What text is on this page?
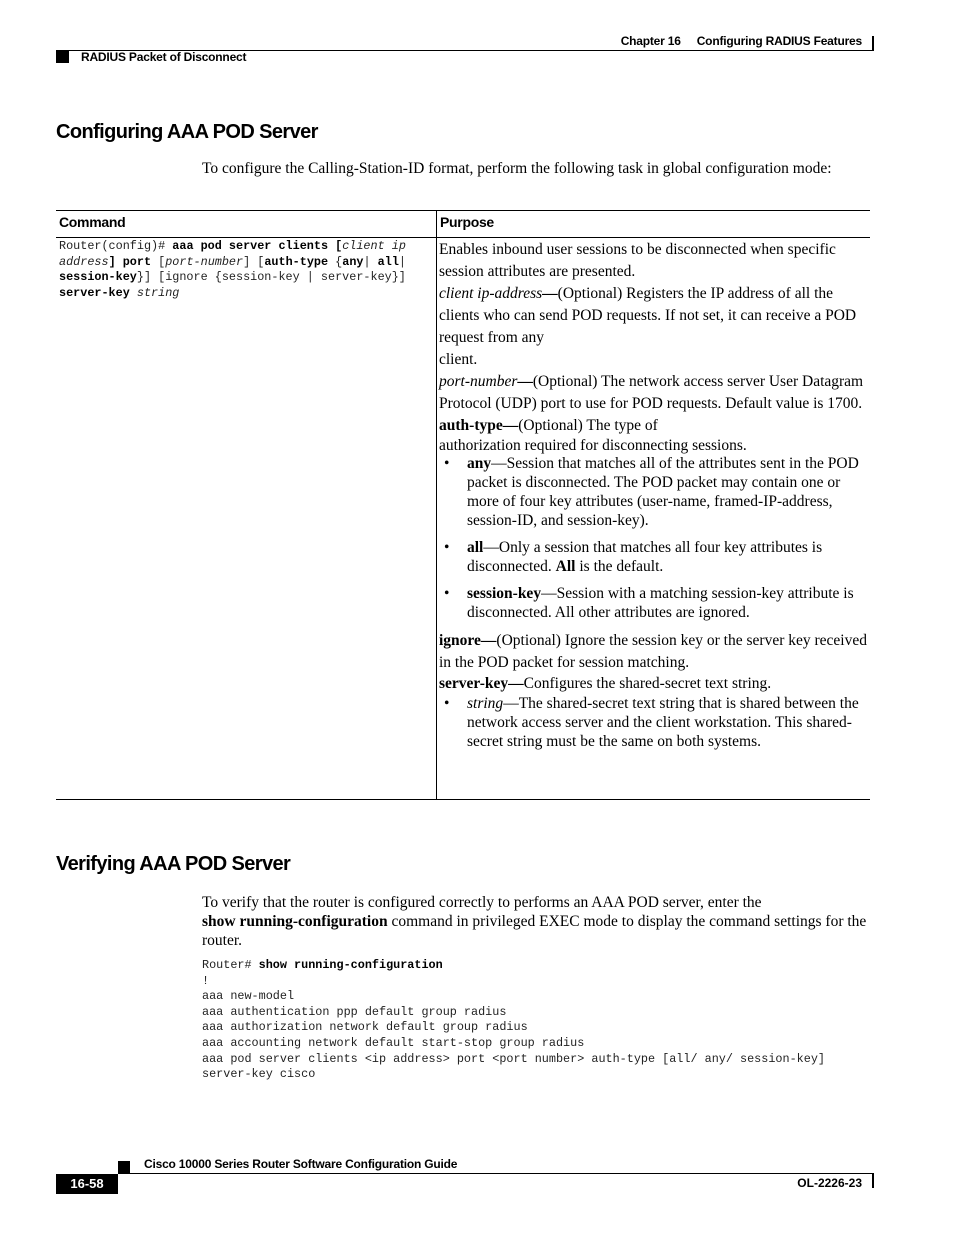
Chapter 16 Configuring RADIUS Features
RADIUS Packet of Disconnect
Configuring AAA POD Server
To configure the Calling-Station-ID format, perform the following task in global configuration mode:
Command	Purpose
Router(config)# aaa pod server clients [client ip address] port [port-number] [auth-type {any| all| session-key}] [ignore {session-key | server-key}] server-key string

Enables inbound user sessions to be disconnected when specific session attributes are presented.

client ip-address—(Optional) Registers the IP address of all the clients who can send POD requests. If not set, it can receive a POD request from any

client.

port-number—(Optional) The network access server User Datagram Protocol (UDP) port to use for POD requests. Default value is 1700.

auth-type—(Optional) The type of

authorization required for disconnecting sessions.

• any—Session that matches all of the attributes sent in the POD packet is disconnected. The POD packet may contain one or more of four key attributes (user-name, framed-IP-address, session-ID, and session-key).
• all—Only a session that matches all four key attributes is disconnected. All is the default.
• session-key—Session with a matching session-key attribute is disconnected. All other attributes are ignored.

ignore—(Optional) Ignore the session key or the server key received in the POD packet for session matching.

server-key—Configures the shared-secret text string.

• string—The shared-secret text string that is shared between the network access server and the client workstation. This shared-secret string must be the same on both systems.
Verifying AAA POD Server
To verify that the router is configured correctly to performs an AAA POD server, enter the
show running-configuration command in privileged EXEC mode to display the command settings for the router.
Router# show running-configuration
!
aaa new-model
aaa authentication ppp default group radius
aaa authorization network default group radius
aaa accounting network default start-stop group radius
aaa pod server clients <ip address> port <port number> auth-type [all/ any/ session-key]
server-key cisco
Cisco 10000 Series Router Software Configuration Guide
16-58	OL-2226-23
